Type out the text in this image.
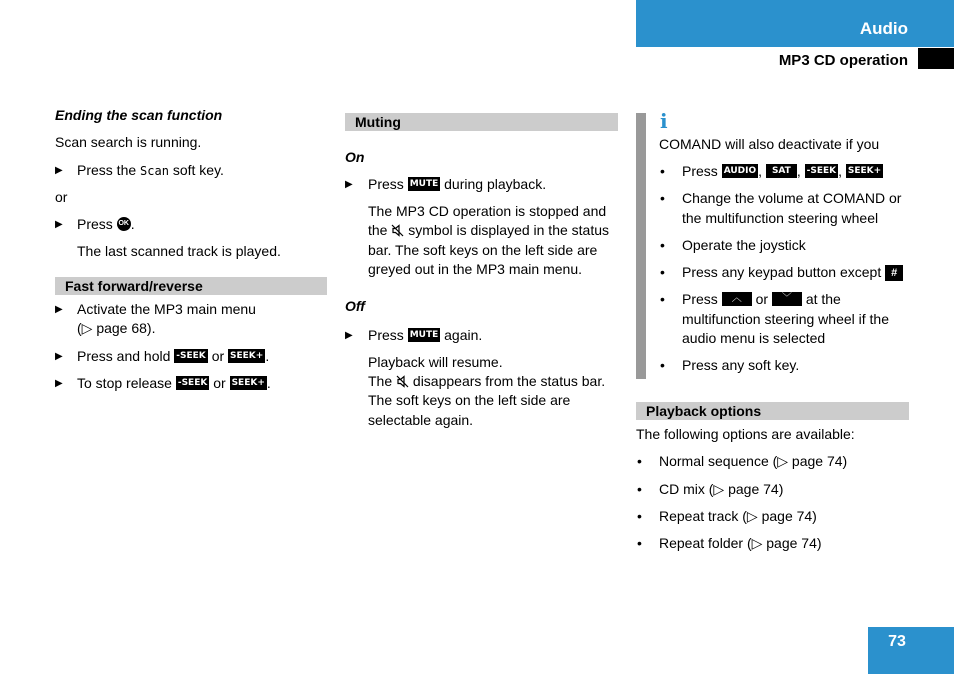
Audio
MP3 CD operation
Ending the scan function
Scan search is running.
▶ Press the Scan soft key.
or
▶ Press OK .
The last scanned track is played.
Fast forward/reverse
▶ Activate the MP3 main menu
(▷ page 68).
▶ Press and hold -SEEK or SEEK+ .
▶ To stop release -SEEK or SEEK+ .
Muting
On
▶ Press MUTE during playback.
The MP3 CD operation is stopped and
the symbol is displayed in the status
bar. The soft keys on the left side are
greyed out in the MP3 main menu.
Off
▶ Press MUTE again.
Playback will resume.
The disappears from the status bar.
The soft keys on the left side are
selectable again.
i
COMAND will also deactivate if you
• Press AUDIO , SAT , -SEEK , SEEK+
• Change the volume at COMAND or
the multifunction steering wheel
• Operate the joystick
• Press any keypad button except #
• Press ︿ or ﹀ at the
multifunction steering wheel if the
audio menu is selected
• Press any soft key.
Playback options
The following options are available:
• Normal sequence (▷ page 74)
• CD mix (▷ page 74)
• Repeat track (▷ page 74)
• Repeat folder (▷ page 74)
73
